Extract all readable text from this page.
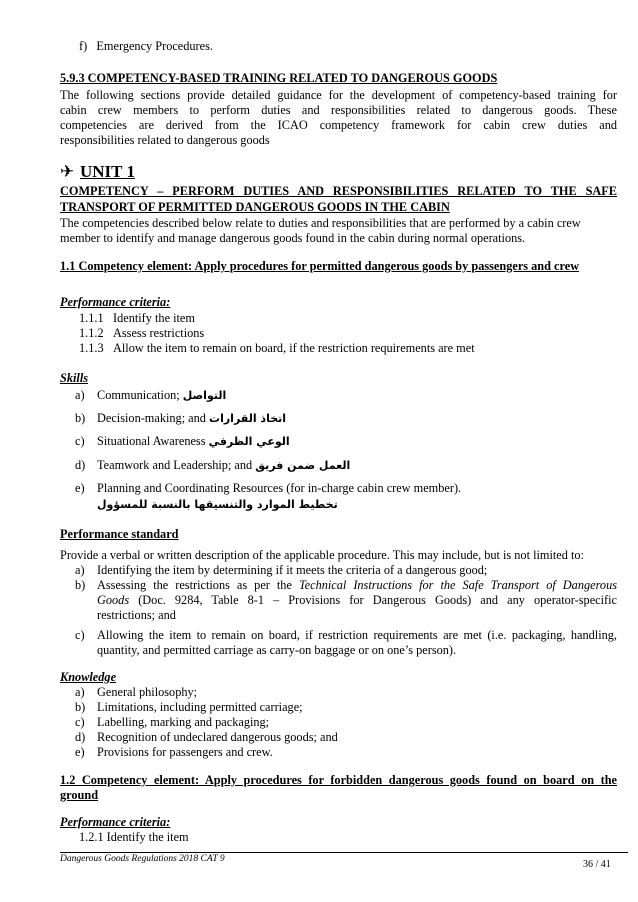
f)   Emergency Procedures.
5.9.3 COMPETENCY-BASED TRAINING RELATED TO DANGEROUS GOODS
The following sections provide detailed guidance for the development of competency-based training for
cabin crew members to perform duties and responsibilities related to dangerous goods. These
competencies are derived from the ICAO competency framework for cabin crew duties and
responsibilities related to dangerous goods
✈ UNIT 1
COMPETENCY – PERFORM DUTIES AND RESPONSIBILITIES RELATED TO THE SAFE
TRANSPORT OF PERMITTED DANGEROUS GOODS IN THE CABIN
The competencies described below relate to duties and responsibilities that are performed by a cabin crew
member to identify and manage dangerous goods found in the cabin during normal operations.
1.1 Competency element: Apply procedures for permitted dangerous goods by passengers and crew
Performance criteria:
1.1.1 Identify the item
1.1.2 Assess restrictions
1.1.3 Allow the item to remain on board, if the restriction requirements are met
Skills
a) Communication; التواصل
b) Decision-making; and اتخاذ القرارات
c) Situational Awareness الوعي الظرفي
d) Teamwork and Leadership; and العمل ضمن فريق
e) Planning and Coordinating Resources (for in-charge cabin crew member).
تخطيط الموارد والتنسيقها بالنسبة للمسؤول
Performance standard
Provide a verbal or written description of the applicable procedure. This may include, but is not limited to:
a) Identifying the item by determining if it meets the criteria of a dangerous good;
b) Assessing the restrictions as per the Technical Instructions for the Safe Transport of Dangerous
Goods (Doc. 9284, Table 8-1 – Provisions for Dangerous Goods) and any operator-specific
restrictions; and
c) Allowing the item to remain on board, if restriction requirements are met (i.e. packaging, handling,
quantity, and permitted carriage as carry-on baggage or on one’s person).
Knowledge
a) General philosophy;
b) Limitations, including permitted carriage;
c) Labelling, marking and packaging;
d) Recognition of undeclared dangerous goods; and
e) Provisions for passengers and crew.
1.2 Competency element: Apply procedures for forbidden dangerous goods found on board on the
ground
Performance criteria:
1.2.1 Identify the item
Dangerous Goods Regulations 2018 CAT 9	36 / 41
